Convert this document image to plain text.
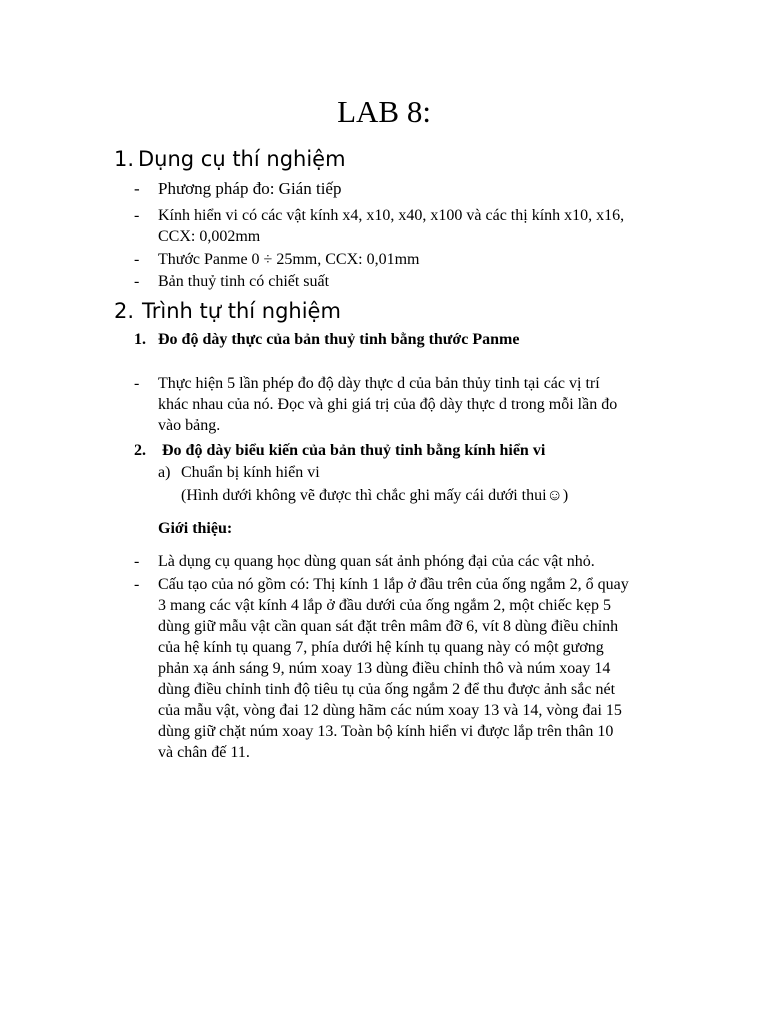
LAB 8:
1. Dụng cụ thí nghiệm
- Phương pháp đo: Gián tiếp
- Kính hiển vi có các vật kính x4, x10, x40, x100 và các thị kính x10, x16,
CCX: 0,002mm
- Thước Panme 0 ÷ 25mm, CCX: 0,01mm
- Bản thuỷ tinh có chiết suất
2. Trình tự thí nghiệm
1. Đo độ dày thực của bản thuỷ tinh bằng thước Panme
- Thực hiện 5 lần phép đo độ dày thực d của bản thủy tinh tại các vị trí
khác nhau của nó. Đọc và ghi giá trị của độ dày thực d trong mỗi lần đo
vào bảng.
2. Đo độ dày biểu kiến của bản thuỷ tinh bằng kính hiển vi
a) Chuẩn bị kính hiển vi
(Hình dưới không vẽ được thì chắc ghi mấy cái dưới thui☺)
Giới thiệu:
- Là dụng cụ quang học dùng quan sát ảnh phóng đại của các vật nhỏ.
- Cấu tạo của nó gồm có: Thị kính 1 lắp ở đầu trên của ống ngắm 2, ổ quay
3 mang các vật kính 4 lắp ở đầu dưới của ống ngắm 2, một chiếc kẹp 5
dùng giữ mẫu vật cần quan sát đặt trên mâm đỡ 6, vít 8 dùng điều chỉnh
của hệ kính tụ quang 7, phía dưới hệ kính tụ quang này có một gương
phản xạ ánh sáng 9, núm xoay 13 dùng điều chỉnh thô và núm xoay 14
dùng điều chỉnh tinh độ tiêu tụ của ống ngắm 2 để thu được ảnh sắc nét
của mẫu vật, vòng đai 12 dùng hãm các núm xoay 13 và 14, vòng đai 15
dùng giữ chặt núm xoay 13. Toàn bộ kính hiển vi được lắp trên thân 10
và chân đế 11.
